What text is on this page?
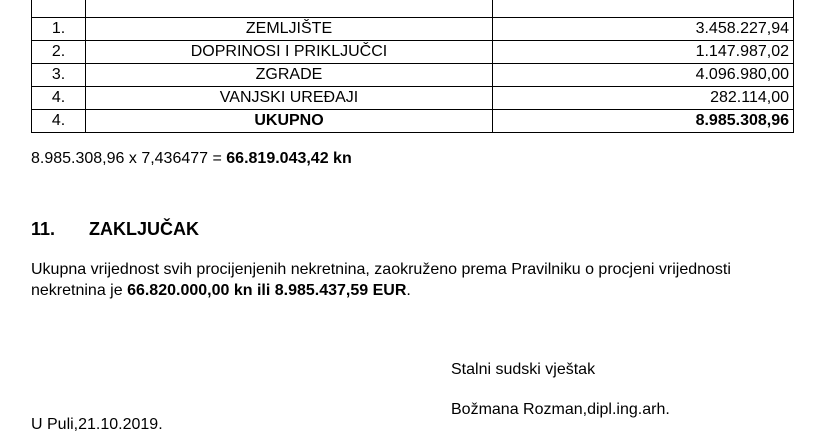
1.	ZEMLJIŠTE	3.458.227,94
2.	DOPRINOSI I PRIKLJUČCI	1.147.987,02
3.	ZGRADE	4.096.980,00
4.	VANJSKI UREĐAJI	282.114,00
4.	UKUPNO	8.985.308,96
8.985.308,96 x 7,436477 = 66.819.043,42 kn
11. ZAKLJUČAK
Ukupna vrijednost svih procijenjenih nekretnina, zaokruženo prema Pravilniku o procjeni vrijednosti nekretnina je 66.820.000,00 kn ili 8.985.437,59 EUR.
Stalni sudski vještak
Božmana Rozman,dipl.ing.arh.
U Puli,21.10.2019.
